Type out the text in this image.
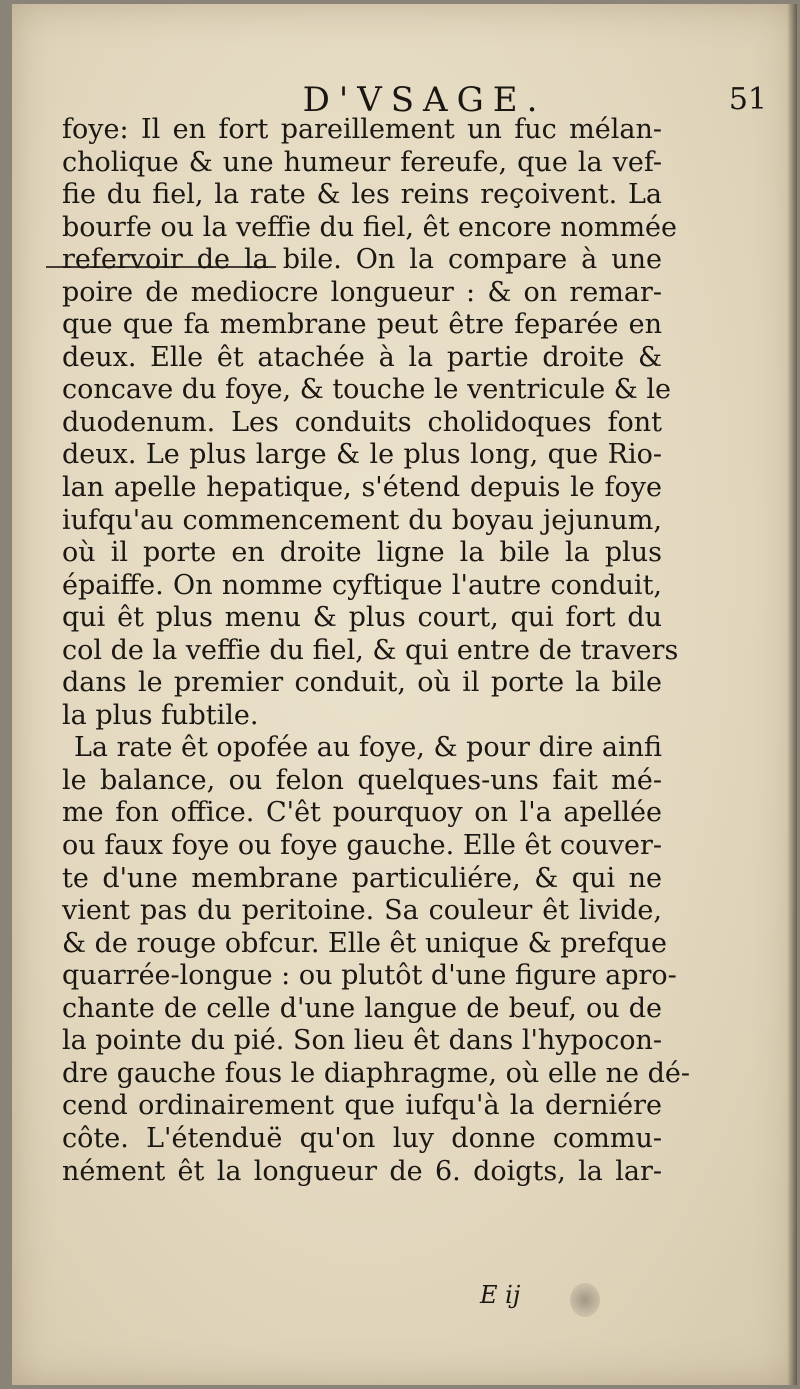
D'VSAGE.	51
foye: Il en fort pareillement un fuc mélan-
cholique & une humeur fereufe, que la vef-
fie du fiel, la rate & les reins reçoivent. La
bourfe ou la veffie du fiel, êt encore nommée
refervoir de la bile. On la compare à une
poire de mediocre longueur : & on remar-
que que fa membrane peut être feparée en
deux. Elle êt atachée à la partie droite &
concave du foye, & touche le ventricule & le
duodenum. Les conduits cholidoques font
deux. Le plus large & le plus long, que Rio-
lan apelle hepatique, s'étend depuis le foye
iufqu'au commencement du boyau jejunum,
où il porte en droite ligne la bile la plus
épaiffe. On nomme cyftique l'autre conduit,
qui êt plus menu & plus court, qui fort du
col de la veffie du fiel, & qui entre de travers
dans le premier conduit, où il porte la bile
la plus fubtile.
La rate êt opofée au foye, & pour dire ainfi
le balance, ou felon quelques-uns fait mé-
me fon office. C'êt pourquoy on l'a apellée
ou faux foye ou foye gauche. Elle êt couver-
te d'une membrane particuliére, & qui ne
vient pas du peritoine. Sa couleur êt livide,
& de rouge obfcur. Elle êt unique & prefque
quarrée-longue : ou plutôt d'une figure apro-
chante de celle d'une langue de beuf, ou de
la pointe du pié. Son lieu êt dans l'hypocon-
dre gauche fous le diaphragme, où elle ne dé-
cend ordinairement que iufqu'à la derniére
côte. L'étenduë qu'on luy donne commu-
nément êt la longueur de 6. doigts, la lar-
E ij
